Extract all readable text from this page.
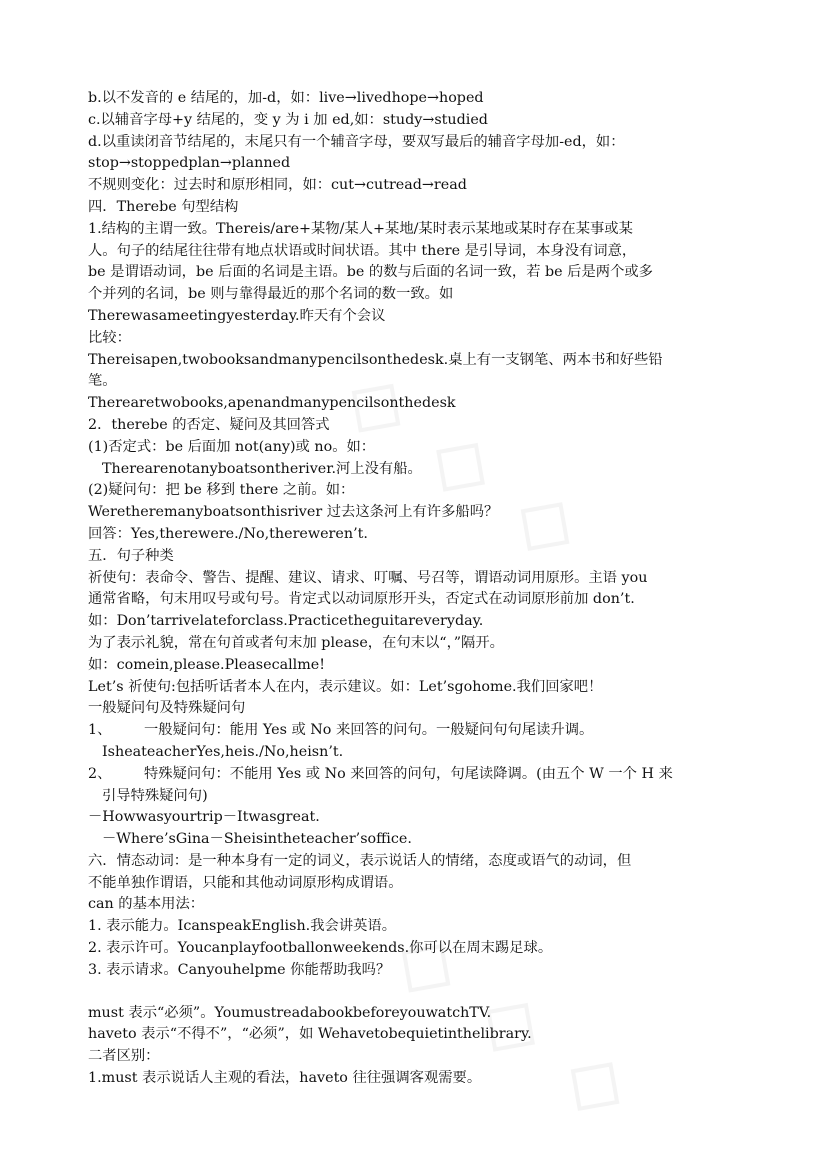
b.以不发音的 e 结尾的，加-d，如：live→livedhope→hoped
c.以辅音字母+y 结尾的，变 y 为 i 加 ed,如：study→studied
d.以重读闭音节结尾的，末尾只有一个辅音字母，要双写最后的辅音字母加-ed，如：
stop→stoppedplan→planned
不规则变化：过去时和原形相同，如：cut→cutread→read
四．Therebe 句型结构
1.结构的主谓一致。Thereis/are+某物/某人+某地/某时表示某地或某时存在某事或某
人。句子的结尾往往带有地点状语或时间状语。其中 there 是引导词，本身没有词意，
be 是谓语动词，be 后面的名词是主语。be 的数与后面的名词一致，若 be 后是两个或多
个并列的名词，be 则与靠得最近的那个名词的数一致。如
Therewasameetingyesterday.昨天有个会议
比较：
Thereisapen,twobooksandmanypencilsonthedesk.桌上有一支钢笔、两本书和好些铅
笔。
Therearetwobooks,apenandmanypencilsonthedesk
2．therebe 的否定、疑问及其回答式
(1)否定式：be 后面加 not(any)或 no。如：
Therearenotanyboatsontheriver.河上没有船。
(2)疑问句：把 be 移到 there 之前。如：
Weretheremanyboatsonthisriver 过去这条河上有许多船吗？
回答：Yes,therewere./No,thereweren’t.
五．句子种类
祈使句：表命令、警告、提醒、建议、请求、叮嘱、号召等，谓语动词用原形。主语 you
通常省略，句末用叹号或句号。肯定式以动词原形开头，否定式在动词原形前加 don’t.
如：Don’tarrivelateforclass.Practicetheguitareveryday.
为了表示礼貌，常在句首或者句末加 please，在句末以“，”隔开。
如：comein,please.Pleasecallme!
Let’s 祈使句:包括听话者本人在内，表示建议。如：Let’sgohome.我们回家吧！
一般疑问句及特殊疑问句
1、	一般疑问句：能用 Yes 或 No 来回答的问句。一般疑问句句尾读升调。
IsheateacherYes,heis./No,heisn’t.
2、	特殊疑问句：不能用 Yes 或 No 来回答的问句，句尾读降调。(由五个 W 一个 H 来
引导特殊疑问句)
－Howwasyourtrip－Itwasgreat.
－Where’sGina－Sheisintheteacher’soffice.
六．情态动词：是一种本身有一定的词义，表示说话人的情绪，态度或语气的动词，但
不能单独作谓语，只能和其他动词原形构成谓语。
can 的基本用法：
1. 表示能力。IcanspeakEnglish.我会讲英语。
2. 表示许可。Youcanplayfootballonweekends.你可以在周末踢足球。
3. 表示请求。Canyouhelpme 你能帮助我吗？
must 表示“必须”。YoumustreadabookbeforeyouwatchTV.
haveto 表示“不得不”，“必须”，如 Wehavetobequietinthelibrary.
二者区别：
1.must 表示说话人主观的看法，haveto 往往强调客观需要。
